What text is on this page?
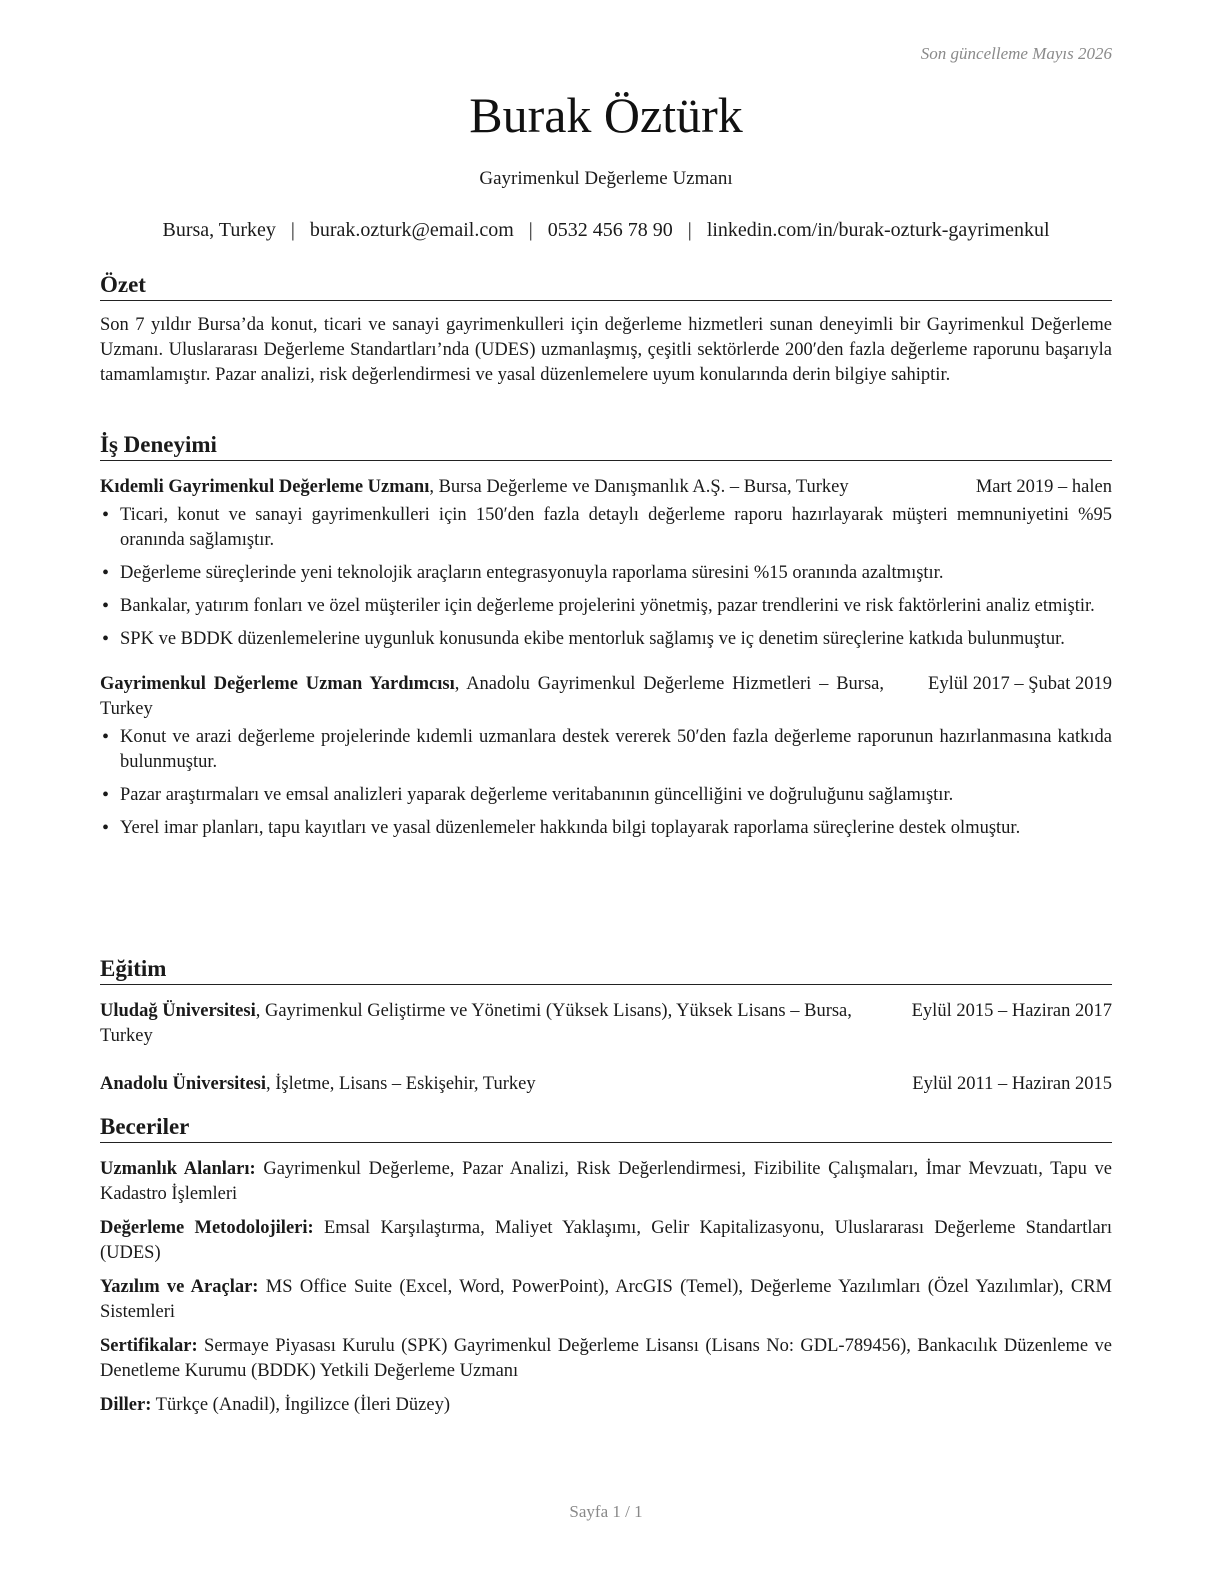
Son güncelleme Mayıs 2026
Burak Öztürk
Gayrimenkul Değerleme Uzmanı
Bursa, Turkey | burak.ozturk@email.com | 0532 456 78 90 | linkedin.com/in/burak-ozturk-gayrimenkul
Özet

Son 7 yıldır Bursa’da konut, ticari ve sanayi gayrimenkulleri için değerleme hizmetleri sunan deneyimli bir Gayrimenkul Değerleme Uzmanı. Uluslararası Değerleme Standartları’nda (UDES) uzmanlaşmış, çeşitli sektörlerde 200′den fazla değerleme raporunu başarıyla tamamlamıştır. Pazar analizi, risk değerlendirmesi ve yasal düzenlemelere uyum konularında derin bilgiye sahiptir.

İş Deneyimi
Kıdemli Gayrimenkul Değerleme Uzmanı, Bursa Değerleme ve Danışmanlık A.Ş. – Bursa, Turkey	Mart 2019 – halen
• Ticari, konut ve sanayi gayrimenkulleri için 150′den fazla detaylı değerleme raporu hazırlayarak müşteri memnuniyetini %95 oranında sağlamıştır.
• Değerleme süreçlerinde yeni teknolojik araçların entegrasyonuyla raporlama süresini %15 oranında azaltmıştır.
• Bankalar, yatırım fonları ve özel müşteriler için değerleme projelerini yönetmiş, pazar trendlerini ve risk faktörlerini analiz etmiştir.
• SPK ve BDDK düzenlemelerine uygunluk konusunda ekibe mentorluk sağlamış ve iç denetim süreçlerine katkıda bulunmuştur.
Gayrimenkul Değerleme Uzman Yardımcısı, Anadolu Gayrimenkul Değerleme Hizmetleri – Bursa, Turkey
Eylül 2017 – Şubat 2019
• Konut ve arazi değerleme projelerinde kıdemli uzmanlara destek vererek 50′den fazla değerleme raporunun hazırlanmasına katkıda bulunmuştur.
• Pazar araştırmaları ve emsal analizleri yaparak değerleme veritabanının güncelliğini ve doğruluğunu sağlamıştır.
• Yerel imar planları, tapu kayıtları ve yasal düzenlemeler hakkında bilgi toplayarak raporlama süreçlerine destek olmuştur.
Eğitim
Uludağ Üniversitesi, Gayrimenkul Geliştirme ve Yönetimi (Yüksek Lisans), Yüksek Lisans – Bursa, Turkey
Eylül 2015 – Haziran 2017
Anadolu Üniversitesi, İşletme, Lisans – Eskişehir, Turkey	Eylül 2011 – Haziran 2015
Beceriler

Uzmanlık Alanları: Gayrimenkul Değerleme, Pazar Analizi, Risk Değerlendirmesi, Fizibilite Çalışmaları, İmar Mevzuatı, Tapu ve Kadastro İşlemleri

Değerleme Metodolojileri: Emsal Karşılaştırma, Maliyet Yaklaşımı, Gelir Kapitalizasyonu, Uluslararası Değerleme Standartları (UDES)

Yazılım ve Araçlar: MS Office Suite (Excel, Word, PowerPoint), ArcGIS (Temel), Değerleme Yazılımları (Özel Yazılımlar), CRM Sistemleri

Sertifikalar: Sermaye Piyasası Kurulu (SPK) Gayrimenkul Değerleme Lisansı (Lisans No: GDL-789456), Bankacılık Düzenleme ve Denetleme Kurumu (BDDK) Yetkili Değerleme Uzmanı

Diller: Türkçe (Anadil), İngilizce (İleri Düzey)

Sayfa 1 / 1
